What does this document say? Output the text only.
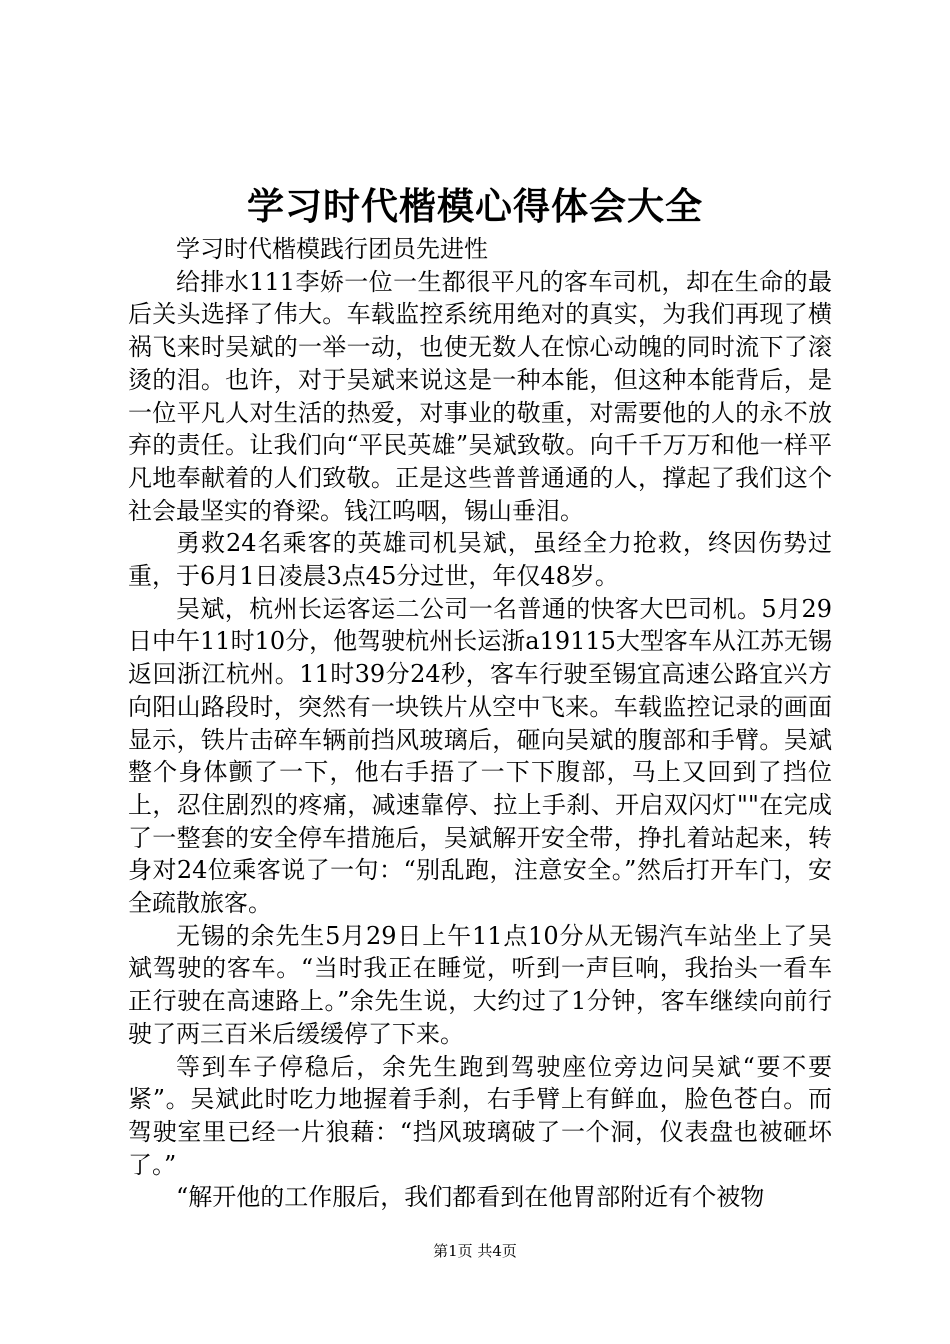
学习时代楷模心得体会大全

学习时代楷模践行团员先进性

给排水111李娇一位一生都很平凡的客车司机，却在生命的最后关头选择了伟大。车载监控系统用绝对的真实，为我们再现了横祸飞来时吴斌的一举一动，也使无数人在惊心动魄的同时流下了滚烫的泪。也许，对于吴斌来说这是一种本能，但这种本能背后，是一位平凡人对生活的热爱，对事业的敬重，对需要他的人的永不放弃的责任。让我们向“平民英雄”吴斌致敬。向千千万万和他一样平凡地奉献着的人们致敬。正是这些普普通通的人，撑起了我们这个社会最坚实的脊梁。钱江呜咽，锡山垂泪。

勇救24名乘客的英雄司机吴斌，虽经全力抢救，终因伤势过重，于6月1日凌晨3点45分过世，年仅48岁。

吴斌，杭州长运客运二公司一名普通的快客大巴司机。5月29日中午11时10分，他驾驶杭州长运浙a19115大型客车从江苏无锡返回浙江杭州。11时39分24秒，客车行驶至锡宜高速公路宜兴方向阳山路段时，突然有一块铁片从空中飞来。车载监控记录的画面显示，铁片击碎车辆前挡风玻璃后，砸向吴斌的腹部和手臂。吴斌整个身体颤了一下，他右手捂了一下下腹部，马上又回到了挡位上，忍住剧烈的疼痛，减速靠停、拉上手刹、开启双闪灯""在完成了一整套的安全停车措施后，吴斌解开安全带，挣扎着站起来，转身对24位乘客说了一句：“别乱跑，注意安全。”然后打开车门，安全疏散旅客。

无锡的余先生5月29日上午11点10分从无锡汽车站坐上了吴斌驾驶的客车。“当时我正在睡觉，听到一声巨响，我抬头一看车正行驶在高速路上。”余先生说，大约过了1分钟，客车继续向前行驶了两三百米后缓缓停了下来。

等到车子停稳后，余先生跑到驾驶座位旁边问吴斌“要不要紧”。吴斌此时吃力地握着手刹，右手臂上有鲜血，脸色苍白。而驾驶室里已经一片狼藉：“挡风玻璃破了一个洞，仪表盘也被砸坏了。”

“解开他的工作服后，我们都看到在他胃部附近有个被物

第1页 共4页
